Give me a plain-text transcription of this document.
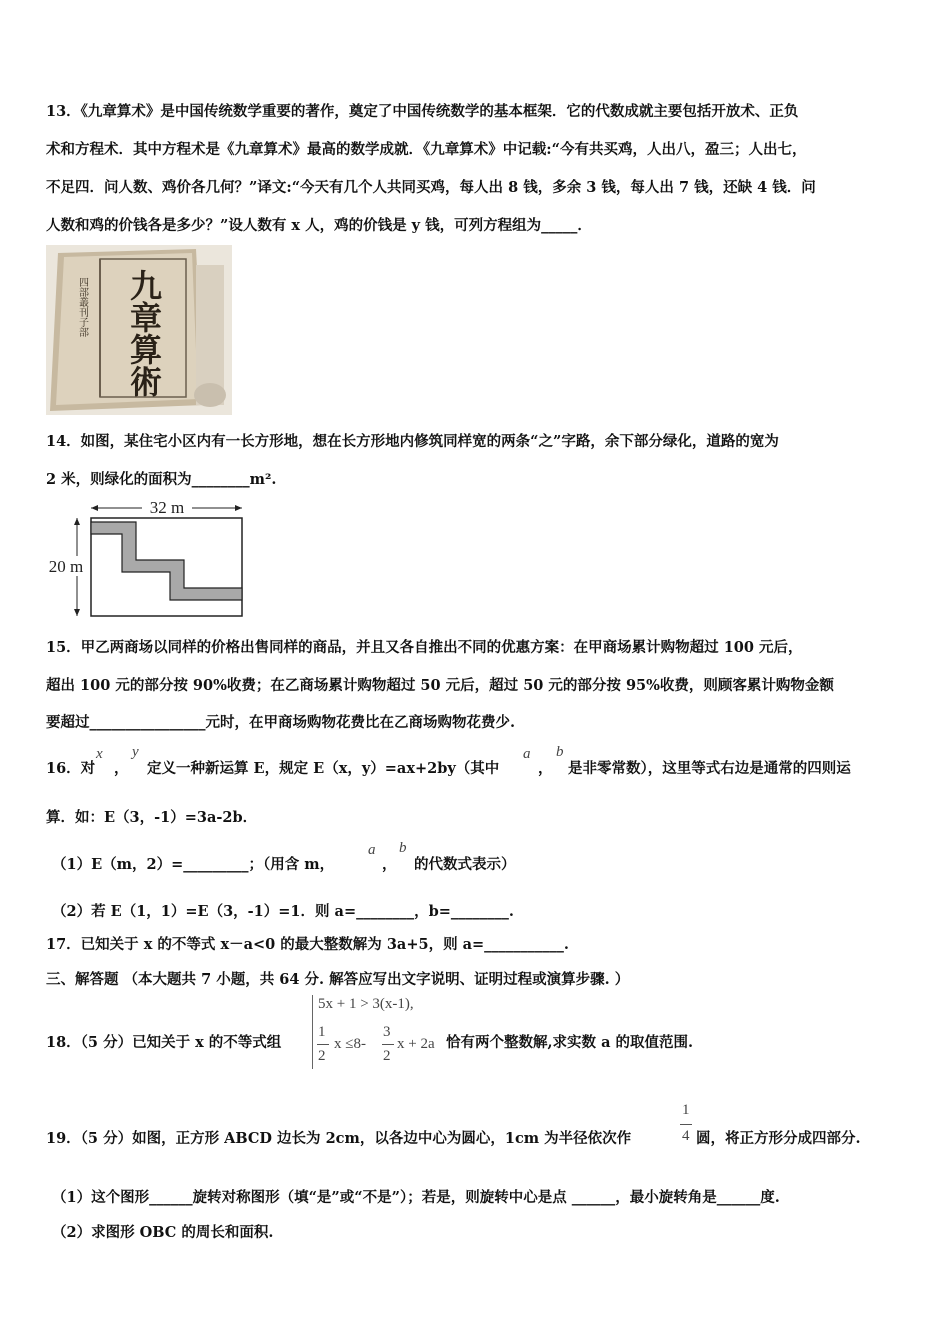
13．《九章算术》是中国传统数学重要的著作，奠定了中国传统数学的基本框架．它的代数成就主要包括开放术、正负
术和方程术．其中方程术是《九章算术》最高的数学成就．《九章算术》中记载:“今有共买鸡，人出八，盈三；人出七，
不足四．问人数、鸡价各几何？”译文:“今天有几个人共同买鸡，每人出 8 钱，多余 3 钱，每人出 7 钱，还缺 4 钱．问
人数和鸡的价钱各是多少？”设人数有 x 人，鸡的价钱是 y 钱，可列方程组为_____．
九
章
算
術
四部叢刊子部
14．如图，某住宅小区内有一长方形地，想在长方形地内修筑同样宽的两条“之”字路，余下部分绿化，道路的宽为
2 米，则绿化的面积为________m².
32 m
20 m
15．甲乙两商场以同样的价格出售同样的商品，并且又各自推出不同的优惠方案：在甲商场累计购物超过 100 元后，
超出 100 元的部分按 90%收费；在乙商场累计购物超过 50 元后，超过 50 元的部分按 95%收费，则顾客累计购物金额
要超过________________元时，在甲商场购物花费比在乙商场购物花费少.
16．对
x
，
y
定义一种新运算 E，规定 E（x，y）=ax+2by（其中
a
，
b
是非零常数），这里等式右边是通常的四则运
算．如：E（3，-1）=3a-2b．
（1）E（m，2）=_________；（用含 m，
a
，
b
的代数式表示）
（2）若 E（1，1）=E（3，-1）=1．则 a=________，b=________.
17．已知关于 x 的不等式 x－a<0 的最大整数解为 3a+5，则 a=___________.
三、解答题 （本大题共 7 小题，共 64 分. 解答应写出文字说明、证明过程或演算步骤. ）
18．（5 分）已知关于 x 的不等式组
5x + 1 > 3(x-1),
1
2
x ≤8-
3
2
x + 2a 恰有两个整数解,求实数 a 的取值范围.
19．（5 分）如图，正方形 ABCD 边长为 2cm，以各边中心为圆心，1cm 为半径依次作
1
4 圆，将正方形分成四部分.
（1）这个图形______旋转对称图形（填“是”或“不是”）；若是，则旋转中心是点 ______，最小旋转角是______度.
（2）求图形 OBC 的周长和面积.
